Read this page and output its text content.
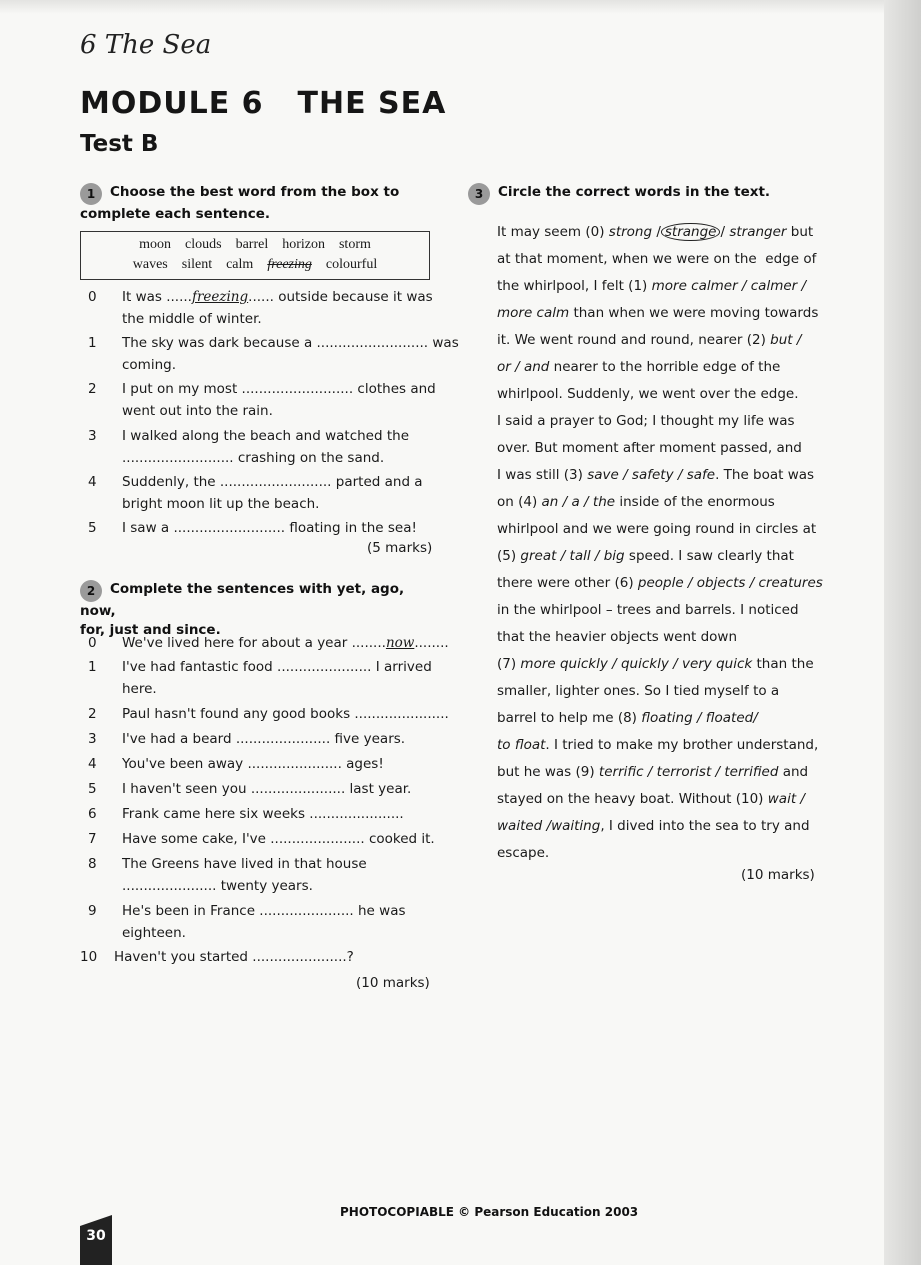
6 The Sea
MODULE 6 THE SEA
Test B
1 Choose the best word from the box to
complete each sentence.
moon clouds barrel horizon storm
waves silent calm freezing colourful
0	It was ......freezing...... outside because it was
the middle of winter.
1	The sky was dark because a .......................... was
coming.
2	I put on my most .......................... clothes and
went out into the rain.
3	I walked along the beach and watched the
.......................... crashing on the sand.
4	Suddenly, the .......................... parted and a
bright moon lit up the beach.
5	I saw a .......................... floating in the sea!
(5 marks)
2 Complete the sentences with yet, ago, now,
for, just and since.
0	We've lived here for about a year ........now........
1	I've had fantastic food ...................... I arrived
here.
2	Paul hasn't found any good books ......................
3	I've had a beard ...................... five years.
4	You've been away ...................... ages!
5	I haven't seen you ...................... last year.
6	Frank came here six weeks ......................
7	Have some cake, I've ...................... cooked it.
8	The Greens have lived in that house
...................... twenty years.
9	He's been in France ...................... he was
eighteen.
10 Haven't you started ......................?
(10 marks)
3 Circle the correct words in the text.
It may seem (0) strong / strange / stranger but
at that moment, when we were on the  edge of
the whirlpool, I felt (1) more calmer / calmer /
more calm than when we were moving towards
it. We went round and round, nearer (2) but /
or / and nearer to the horrible edge of the
whirlpool. Suddenly, we went over the edge.
I said a prayer to God; I thought my life was
over. But moment after moment passed, and
I was still (3) save / safety / safe. The boat was
on (4) an / a / the inside of the enormous
whirlpool and we were going round in circles at
(5) great / tall / big speed. I saw clearly that
there were other (6) people / objects / creatures
in the whirlpool – trees and barrels. I noticed
that the heavier objects went down
(7) more quickly / quickly / very quick than the
smaller, lighter ones. So I tied myself to a
barrel to help me (8) floating / floated/
to float. I tried to make my brother understand,
but he was (9) terrific / terrorist / terrified and
stayed on the heavy boat. Without (10) wait /
waited /waiting, I dived into the sea to try and
escape.
(10 marks)
PHOTOCOPIABLE © Pearson Education 2003
30
